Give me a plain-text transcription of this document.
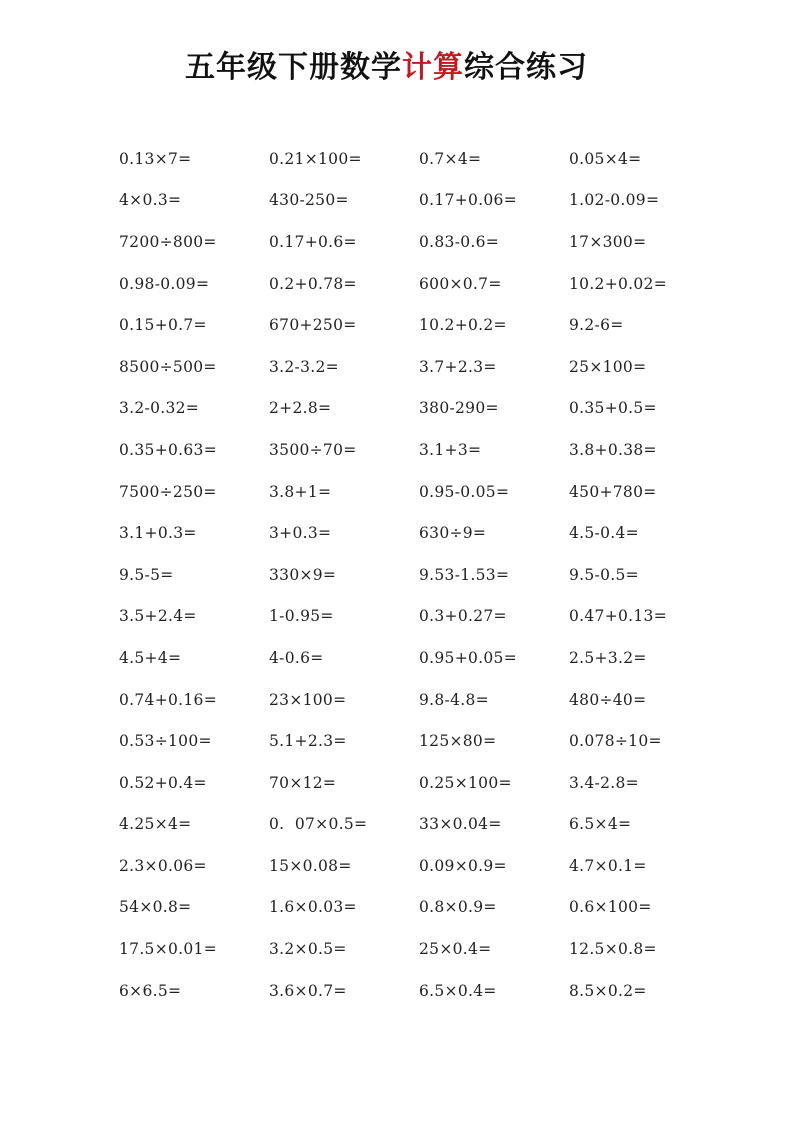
五年级下册数学计算综合练习
0.13×7=	0.21×100=	0.7×4=	0.05×4=
4×0.3=	430-250=	0.17+0.06=	1.02-0.09=
7200÷800=	0.17+0.6=	0.83-0.6=	17×300=
0.98-0.09=	0.2+0.78=	600×0.7=	10.2+0.02=
0.15+0.7=	670+250=	10.2+0.2=	9.2-6=
8500÷500=	3.2-3.2=	3.7+2.3=	25×100=
3.2-0.32=	2+2.8=	380-290=	0.35+0.5=
0.35+0.63=	3500÷70=	3.1+3=	3.8+0.38=
7500÷250=	3.8+1=	0.95-0.05=	450+780=
3.1+0.3=	3+0.3=	630÷9=	4.5-0.4=
9.5-5=	330×9=	9.53-1.53=	9.5-0.5=
3.5+2.4=	1-0.95=	0.3+0.27=	0.47+0.13=
4.5+4=	4-0.6=	0.95+0.05=	2.5+3.2=
0.74+0.16=	23×100=	9.8-4.8=	480÷40=
0.53÷100=	5.1+2.3=	125×80=	0.078÷10=
0.52+0.4=	70×12=	0.25×100=	3.4-2.8=
4.25×4=	0.  07×0.5=	33×0.04=	6.5×4=
2.3×0.06=	15×0.08=	0.09×0.9=	4.7×0.1=
54×0.8=	1.6×0.03=	0.8×0.9=	0.6×100=
17.5×0.01=	3.2×0.5=	25×0.4=	12.5×0.8=
6×6.5=	3.6×0.7=	6.5×0.4=	8.5×0.2=
